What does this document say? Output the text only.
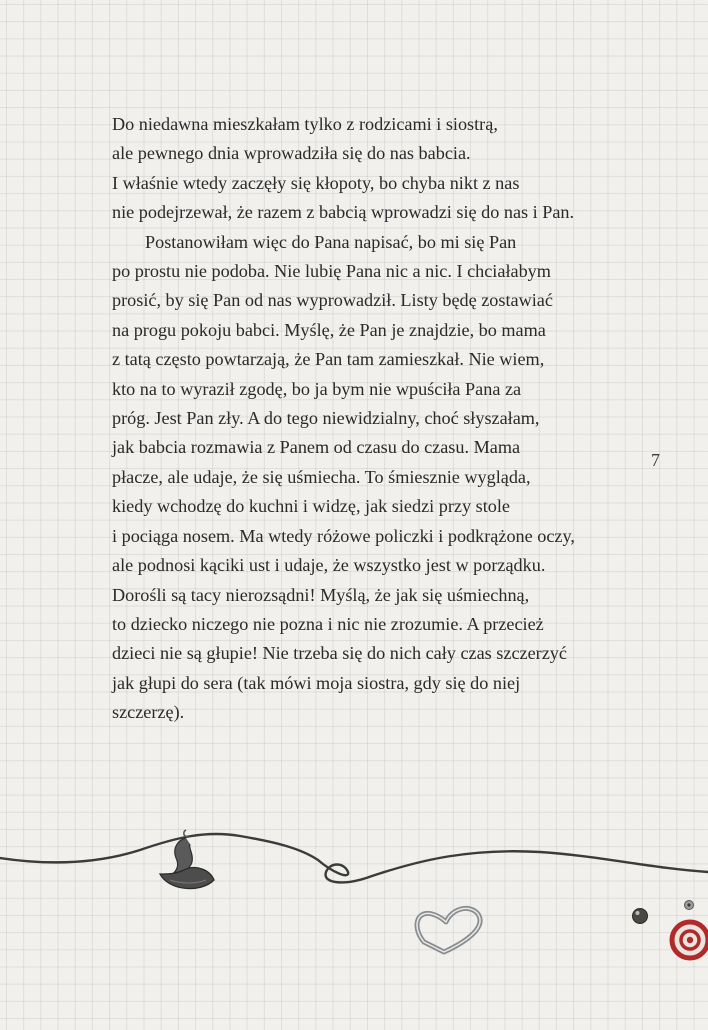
Do niedawna mieszkałam tylko z rodzicami i siostrą,
ale pewnego dnia wprowadziła się do nas babcia.
I właśnie wtedy zaczęły się kłopoty, bo chyba nikt z nas
nie podejrzewał, że razem z babcią wprowadzi się do nas i Pan.
Postanowiłam więc do Pana napisać, bo mi się Pan
po prostu nie podoba. Nie lubię Pana nic a nic. I chciałabym
prosić, by się Pan od nas wyprowadził. Listy będę zostawiać
na progu pokoju babci. Myślę, że Pan je znajdzie, bo mama
z tatą często powtarzają, że Pan tam zamieszkał. Nie wiem,
kto na to wyraził zgodę, bo ja bym nie wpuściła Pana za
próg. Jest Pan zły. A do tego niewidzialny, choć słyszałam,
jak babcia rozmawia z Panem od czasu do czasu. Mama
płacze, ale udaje, że się uśmiecha. To śmiesznie wygląda,
kiedy wchodzę do kuchni i widzę, jak siedzi przy stole
i pociąga nosem. Ma wtedy różowe policzki i podkrążone oczy,
ale podnosi kąciki ust i udaje, że wszystko jest w porządku.
Dorośli są tacy nierozsądni! Myślą, że jak się uśmiechną,
to dziecko niczego nie pozna i nic nie zrozumie. A przecież
dzieci nie są głupie! Nie trzeba się do nich cały czas szczerzyć
jak głupi do sera (tak mówi moja siostra, gdy się do niej
szczerzę).
7
